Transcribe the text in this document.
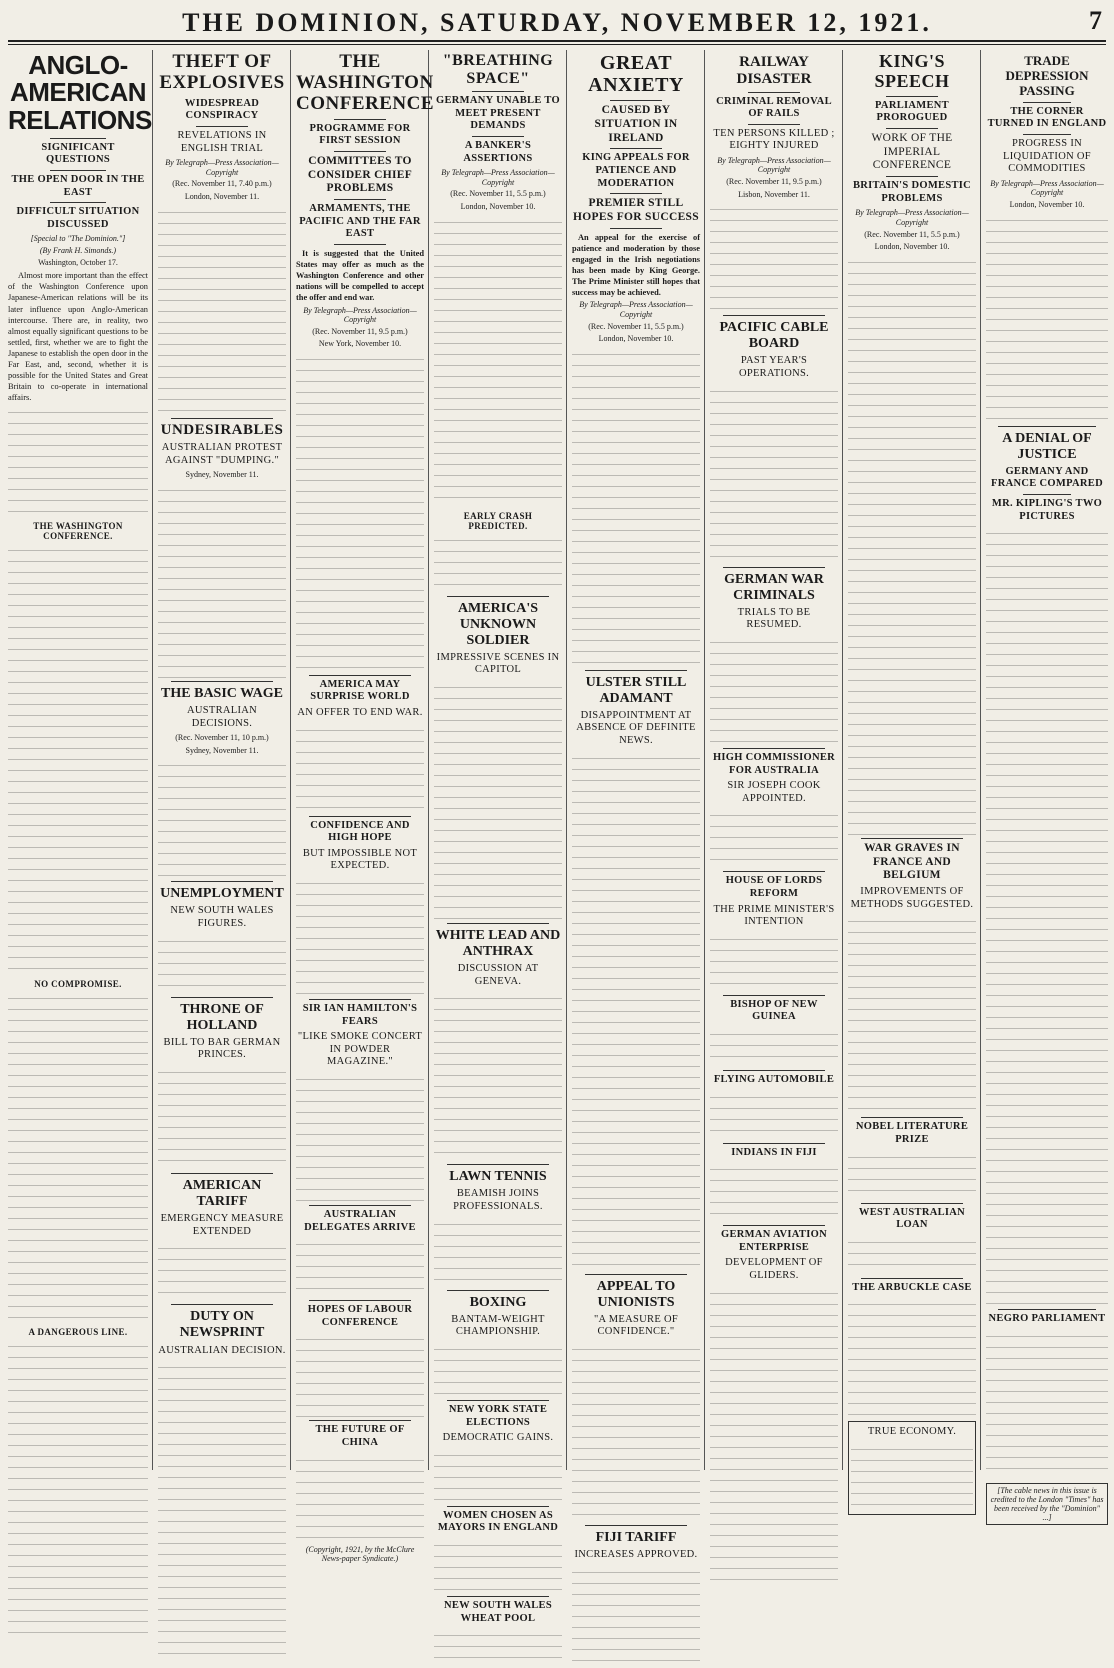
THE DOMINION, SATURDAY, NOVEMBER 12, 1921.	7
ANGLO-AMERICAN RELATIONS
SIGNIFICANT QUESTIONS
THE OPEN DOOR IN THE EAST
DIFFICULT SITUATION DISCUSSED
[Special to "The Dominion."]
(By Frank H. Simonds.)
Washington, October 17.

Almost more important than the effect of the Washington Conference upon Japanese-American relations will be its later influence upon Anglo-American intercourse. There are, in reality, two almost equally significant questions to be settled, first, whether we are to fight the Japanese to establish the open door in the Far East, and, second, whether it is possible for the United States and Great Britain to co-operate in international affairs.

THE WASHINGTON CONFERENCE.
NO COMPROMISE.
A DANGEROUS LINE.
THEFT OF EXPLOSIVES
WIDESPREAD CONSPIRACY
REVELATIONS IN ENGLISH TRIAL
By Telegraph—Press Association—Copyright
(Rec. November 11, 7.40 p.m.)
London, November 11.
UNDESIRABLES
AUSTRALIAN PROTEST AGAINST "DUMPING."
Sydney, November 11.
THE BASIC WAGE
AUSTRALIAN DECISIONS.
(Rec. November 11, 10 p.m.)
Sydney, November 11.
UNEMPLOYMENT
NEW SOUTH WALES FIGURES.
THRONE OF HOLLAND
BILL TO BAR GERMAN PRINCES.
AMERICAN TARIFF
EMERGENCY MEASURE EXTENDED
DUTY ON NEWSPRINT
AUSTRALIAN DECISION.
THE WASHINGTON CONFERENCE
PROGRAMME FOR FIRST SESSION
COMMITTEES TO CONSIDER CHIEF PROBLEMS
ARMAMENTS, THE PACIFIC AND THE FAR EAST
It is suggested that the United States may offer as much as the Washington Conference and other nations will be compelled to accept the offer and end war.
By Telegraph—Press Association—Copyright
(Rec. November 11, 9.5 p.m.)
New York, November 10.
AMERICA MAY SURPRISE WORLD
AN OFFER TO END WAR.
CONFIDENCE AND HIGH HOPE
BUT IMPOSSIBLE NOT EXPECTED.
SIR IAN HAMILTON'S FEARS
"LIKE SMOKE CONCERT IN POWDER MAGAZINE."
AUSTRALIAN DELEGATES ARRIVE
HOPES OF LABOUR CONFERENCE
THE FUTURE OF CHINA
(Copyright, 1921, by the McClure News-paper Syndicate.)
"BREATHING SPACE"
GERMANY UNABLE TO MEET PRESENT DEMANDS
A BANKER'S ASSERTIONS
By Telegraph—Press Association—Copyright
(Rec. November 11, 5.5 p.m.)
London, November 10.
EARLY CRASH PREDICTED.
AMERICA'S UNKNOWN SOLDIER
IMPRESSIVE SCENES IN CAPITOL
WHITE LEAD AND ANTHRAX
DISCUSSION AT GENEVA.
LAWN TENNIS
BEAMISH JOINS PROFESSIONALS.
BOXING
BANTAM-WEIGHT CHAMPIONSHIP.
NEW YORK STATE ELECTIONS
DEMOCRATIC GAINS.
WOMEN CHOSEN AS MAYORS IN ENGLAND
NEW SOUTH WALES WHEAT POOL
GREAT ANXIETY
CAUSED BY SITUATION IN IRELAND
KING APPEALS FOR PATIENCE AND MODERATION
PREMIER STILL HOPES FOR SUCCESS
An appeal for the exercise of patience and moderation by those engaged in the Irish negotiations has been made by King George. The Prime Minister still hopes that success may be achieved.
By Telegraph—Press Association—Copyright
(Rec. November 11, 5.5 p.m.)
London, November 10.
ULSTER STILL ADAMANT
DISAPPOINTMENT AT ABSENCE OF DEFINITE NEWS.
APPEAL TO UNIONISTS
"A MEASURE OF CONFIDENCE."
FIJI TARIFF
INCREASES APPROVED.
RAILWAY DISASTER
CRIMINAL REMOVAL OF RAILS
TEN PERSONS KILLED ; EIGHTY INJURED
By Telegraph—Press Association—Copyright
(Rec. November 11, 9.5 p.m.)
Lisbon, November 11.
PACIFIC CABLE BOARD
PAST YEAR'S OPERATIONS.
GERMAN WAR CRIMINALS
TRIALS TO BE RESUMED.
HIGH COMMISSIONER FOR AUSTRALIA
SIR JOSEPH COOK APPOINTED.
HOUSE OF LORDS REFORM
THE PRIME MINISTER'S INTENTION
BISHOP OF NEW GUINEA
FLYING AUTOMOBILE
INDIANS IN FIJI
GERMAN AVIATION ENTERPRISE
DEVELOPMENT OF GLIDERS.
KING'S SPEECH
PARLIAMENT PROROGUED
WORK OF THE IMPERIAL CONFERENCE
BRITAIN'S DOMESTIC PROBLEMS
By Telegraph—Press Association—Copyright
(Rec. November 11, 5.5 p.m.)
London, November 10.
WAR GRAVES IN FRANCE AND BELGIUM
IMPROVEMENTS OF METHODS SUGGESTED.
NOBEL LITERATURE PRIZE
WEST AUSTRALIAN LOAN
THE ARBUCKLE CASE
TRUE ECONOMY.
TRADE DEPRESSION PASSING
THE CORNER TURNED IN ENGLAND
PROGRESS IN LIQUIDATION OF COMMODITIES
By Telegraph—Press Association—Copyright
London, November 10.
A DENIAL OF JUSTICE
GERMANY AND FRANCE COMPARED
MR. KIPLING'S TWO PICTURES
NEGRO PARLIAMENT
[The cable news in this issue is credited to the London "Times" has been received by the "Dominion" ...]
